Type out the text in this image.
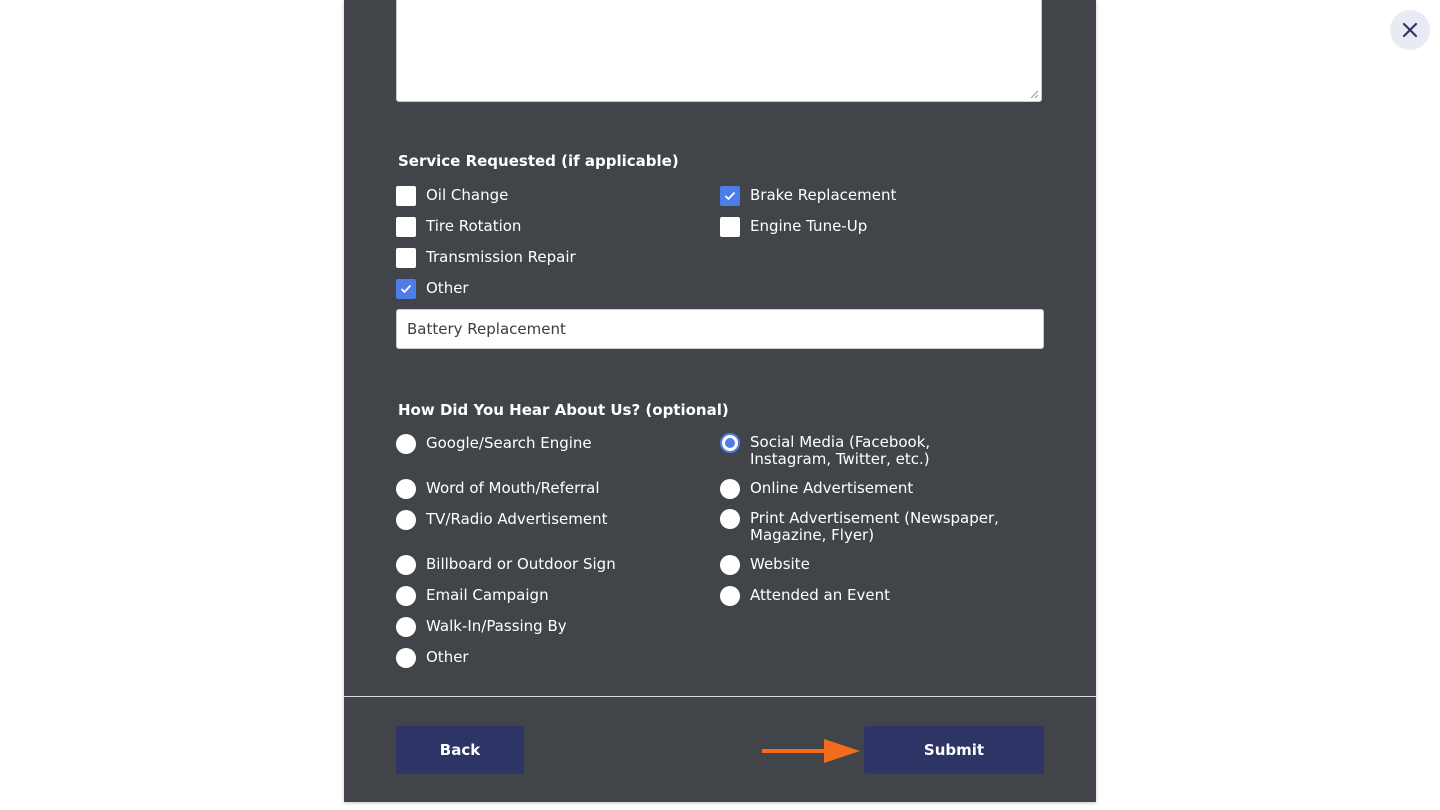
Service Requested (if applicable)
Oil Change	Brake Replacement
Tire Rotation	Engine Tune-Up
Transmission Repair
Other
Battery Replacement
How Did You Hear About Us? (optional)
Google/Search Engine	Social Media (Facebook, Instagram, Twitter, etc.)
Word of Mouth/Referral	Online Advertisement
TV/Radio Advertisement	Print Advertisement (Newspaper, Magazine, Flyer)
Billboard or Outdoor Sign	Website
Email Campaign	Attended an Event
Walk-In/Passing By
Other
Back	Submit
